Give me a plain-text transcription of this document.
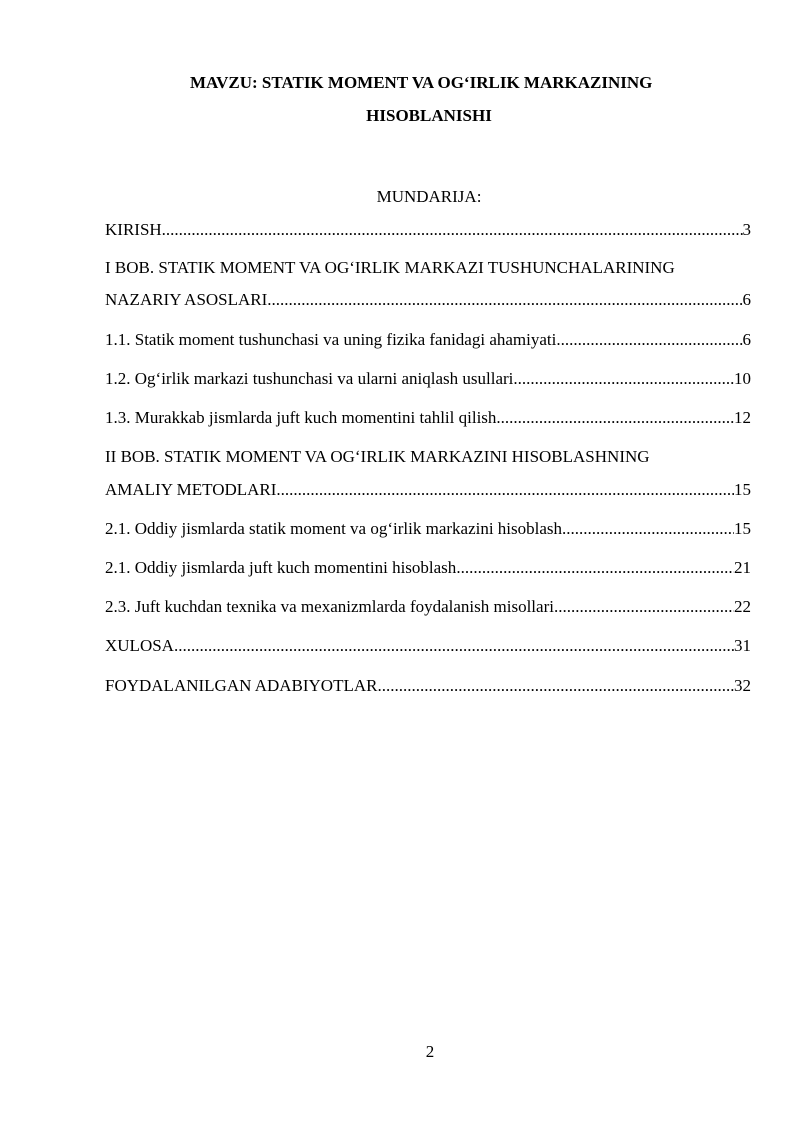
MAVZU: STATIK MOMENT VA OG‘IRLIK MARKAZINING
HISOBLANISHI
MUNDARIJA:
KIRISH .....	3
I BOB. STATIK MOMENT VA OG‘IRLIK MARKAZI TUSHUNCHALARINING
NAZARIY ASOSLARI .....	6
1.1. Statik moment tushunchasi va uning fizika fanidagi ahamiyati .....	6
1.2. Og‘irlik markazi tushunchasi va ularni aniqlash usullari .....	10
1.3. Murakkab jismlarda juft kuch momentini tahlil qilish .....	12
II BOB. STATIK MOMENT VA OG‘IRLIK MARKAZINI HISOBLASHNING
AMALIY METODLARI .....	15
2.1. Oddiy jismlarda statik moment va og‘irlik markazini hisoblash .....	15
2.1. Oddiy jismlarda juft kuch momentini hisoblash .....	21
2.3. Juft kuchdan texnika va mexanizmlarda foydalanish misollari .....	22
XULOSA .....	31
FOYDALANILGAN ADABIYOTLAR .....	32
2
